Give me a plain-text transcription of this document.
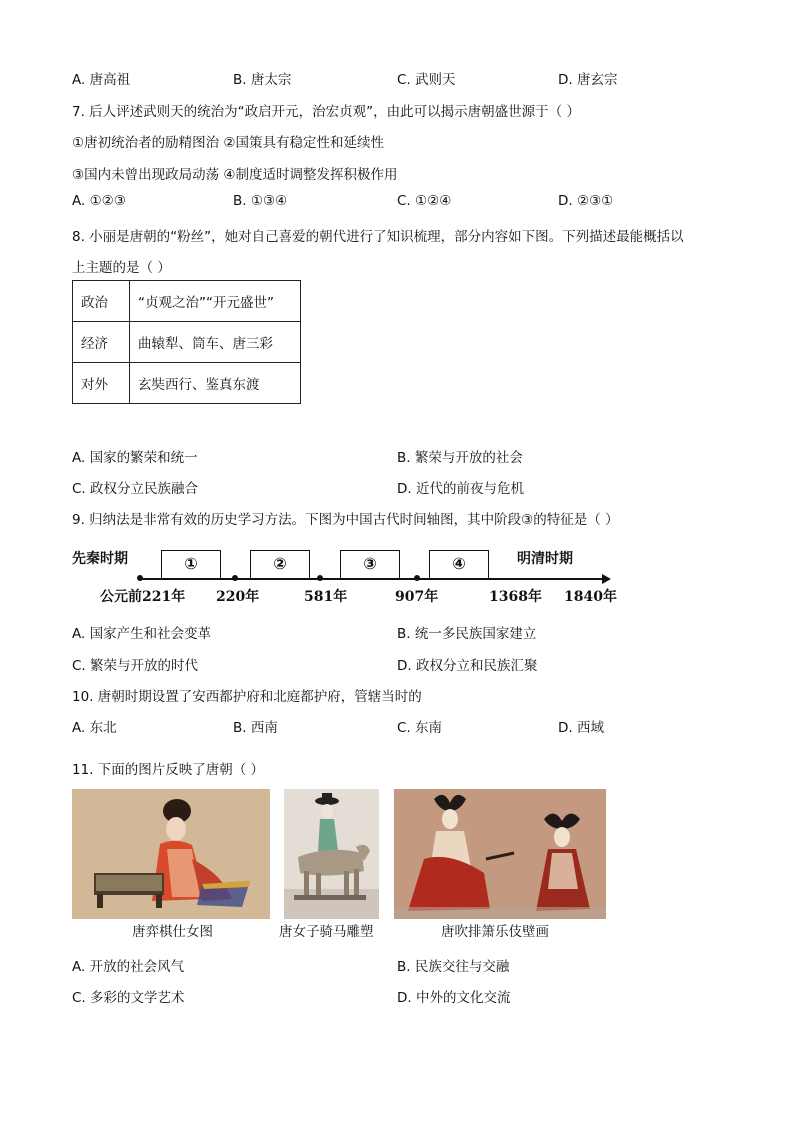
A. 唐高祖	B. 唐太宗	C. 武则天	D. 唐玄宗
7. 后人评述武则天的统治为“政启开元，治宏贞观”，由此可以揭示唐朝盛世源于（ ）
①唐初统治者的励精图治 ②国策具有稳定性和延续性
③国内未曾出现政局动荡 ④制度适时调整发挥积极作用
A. ①②③	B. ①③④	C. ①②④	D. ②③①
8. 小丽是唐朝的“粉丝”，她对自己喜爱的朝代进行了知识梳理，部分内容如下图。下列描述最能概括以
上主题的是（ ）
政治	“贞观之治”“开元盛世”
经济	曲辕犁、筒车、唐三彩
对外	玄奘西行、鉴真东渡
A. 国家的繁荣和统一	B. 繁荣与开放的社会
C. 政权分立民族融合	D. 近代的前夜与危机
9. 归纳法是非常有效的历史学习方法。下图为中国古代时间轴图，其中阶段③的特征是（ ）
先秦时期	明清时期
①	②	③	④
公元前221年 220年	581年	907年	1368年 1840年
A. 国家产生和社会变革	B. 统一多民族国家建立
C. 繁荣与开放的时代	D. 政权分立和民族汇聚
10. 唐朝时期设置了安西都护府和北庭都护府，管辖当时的
A. 东北	B. 西南	C. 东南	D. 西域
11. 下面的图片反映了唐朝（ ）
唐弈棋仕女图	唐女子骑马雕塑	唐吹排箫乐伎壁画
A. 开放的社会风气	B. 民族交往与交融
C. 多彩的文学艺术	D. 中外的文化交流
